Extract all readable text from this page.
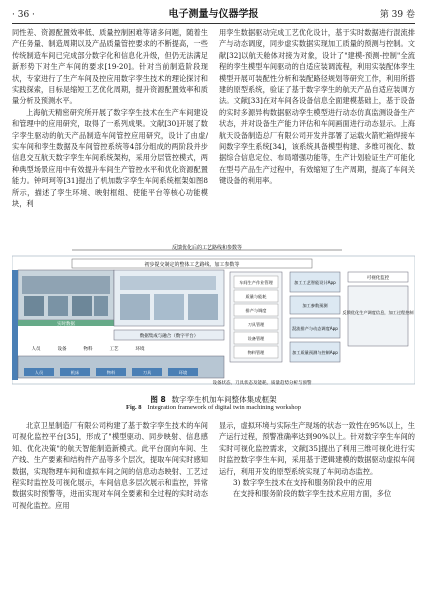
· 36 ·	电子测量与仪器学报	第 39 卷

同性差、资源配置效率低、质量控制困难等诸多问题，随着生产任务量、制造周期以及产品质量管控要求的不断提高，一些传统制造车间已完成部分数字化和信息化升级，但仍无法满足新形势下对生产车间的要求[19-20]。针对当前制造阶段现状，专家进行了生产车间及控应用数字孪生技术的理论探讨和实践探索，目标是缩短工艺优化周期，提升资源配置效率和质量分析及预测水平。

上海航天精密研究所开展了数字孪生技术在生产车间建设和管理中的应用研究，取得了一系列成果。文献[30]开展了数字孪生驱动的航天产品制造车间管控应用研究，设计了由虚/实车间和孪生数据及车间管控系统等4部分组成的两阶段并步信息交互航天数字孪生车间系统架构，采用分层管控模式，两种典型场景应用中有效提升车间生产管控水平和优化资源配置能力。钟珂珂等[31]提出了机加数字孪生车间系统框架如图8所示，描述了孪生环境、映射框组、使能平台等核心功能模块，利

用孪生数据驱动完成工艺优化设计，基于实时数据进行混流排产与动态调度，同步虚实数据实现加工质量的预测与控制。文献[32]以航天舱体对接为对象，设计了"建模-预测-控制"全流程的孪生模型车间驱动的自适应装调流程，利用实装配体孪生模型开展可装配性分析和装配路径规划等研究工作，利用所搭建的原型系统，验证了基于数字孪生的航天产品自适应装调方法。文献[33]在对车间各设备信息全面建模基础上，基于设备的实时多源异构数据驱动孪生模型进行动态仿真监测设备生产状态，并对设备生产能力评估和车间画面进行动态显示。上海航天设备制造总厂有限公司开发并部署了运载火箭贮箱焊接车间数字孪生系统[34]，该系统具备模型构建、多维可视化、数据综合信息定位、布局增强功能等，生产计划验证生产可能化在型号产品生产过程中，有效缩短了生产周期，提高了车间关键设备的利用率。

反馈优化后的工艺路线和参数等
初步提交制定的整体工艺路线、加工参数等
实时数据
车间生产作业管理
质量与能耗
排产与调度
刀具管理
设备管理
物料管理
加工工艺智能设计App
加工参数预测
混流排产与动态调度App
加工质量预测与控制App
可视化监控
反馈优化生产调度信息，加工过程控制
数据集成与融合（数字平台）
人员	设备	物料	工艺	环境
人员	机床	物料	刀具	环境
设备状态、刀具状态及能耗、质量趋势分析与预警
图 8 数字孪生机加车间整体集成框架
Fig. 8 Integration framework of digital twin machining workshop

北京卫星制造厂有限公司构建了基于数字孪生技术的车间可视化监控平台[35]，形成了"模型驱动、同步映射、信息感知、优化决策"的航天智能制造新模式。此平台面向车间、生产线、生产要素和结构件产品等多个层次，提取车间实时感知数据，实现物理车间和虚拟车间之间的信息动态映射、工艺过程实时监控及可视化展示，车间信息多层次展示和监控，异常数据实时预警等，进而实现对车间全要素和全过程的实时动态可视化监控。应用

显示，虚拟环境与实际生产现场的状态一致性在95%以上，生产运行过程，预警准确率达到90%以上。针对数字孪生车间的实时可视化监控需求，文献[35]提出了利用三维可视化进行实时监控数字孪生车间，采用基于逻辑建模的数据驱动虚拟车间运行，利用开发的原型系统实现了车间动态监控。

3) 数字孪生技术在支持和服务阶段中的应用

在支持和服务阶段的数字孪生技术应用方面，多位
